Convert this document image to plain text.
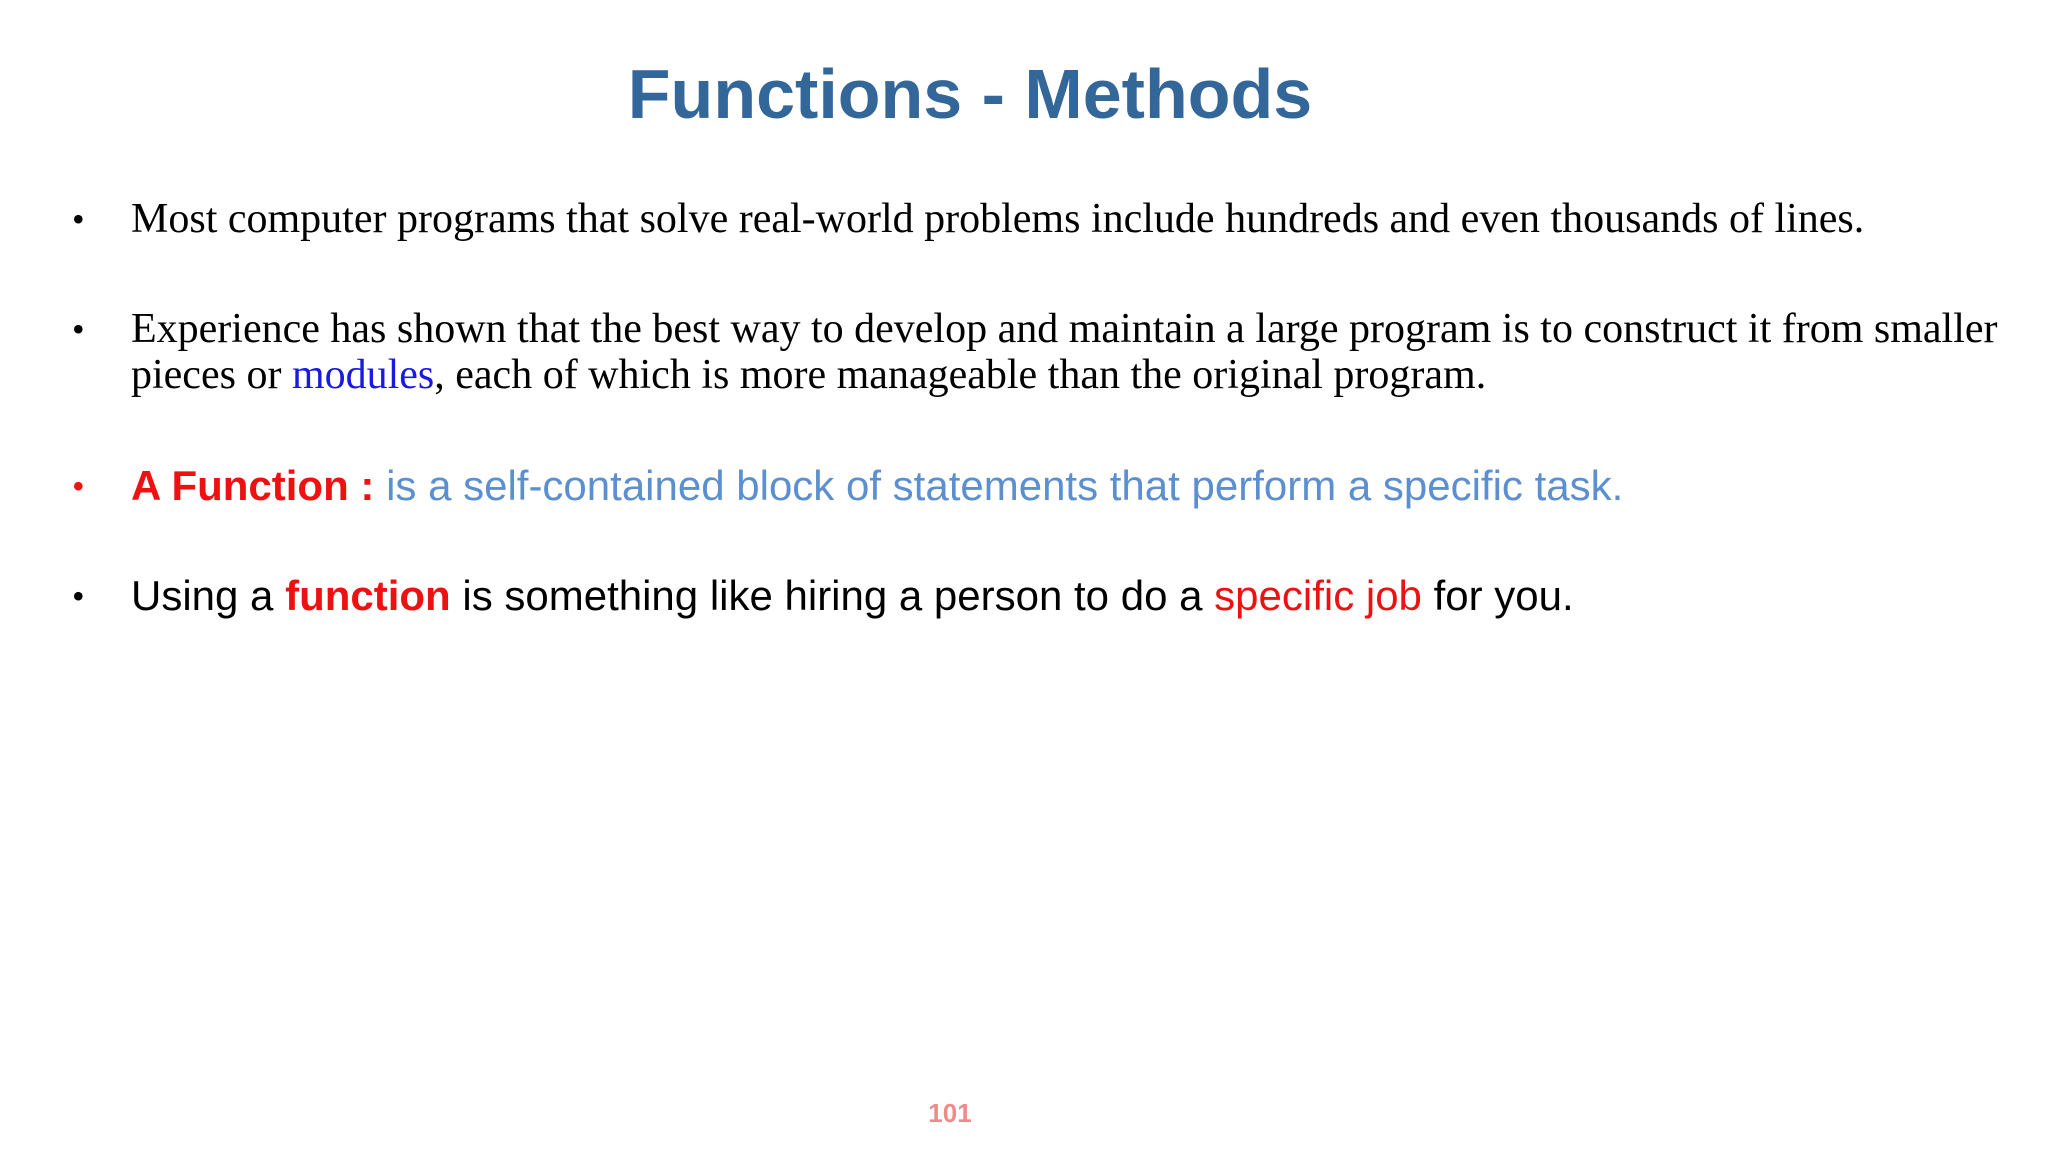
Functions - Methods
• Most computer programs that solve real-world problems include hundreds and even thousands of lines.
• Experience has shown that the best way to develop and maintain a large program is to construct it from smaller pieces or modules, each of which is more manageable than the original program.
• A Function : is a self-contained block of statements that perform a specific task.
• Using a function is something like hiring a person to do a specific job for you.
101
